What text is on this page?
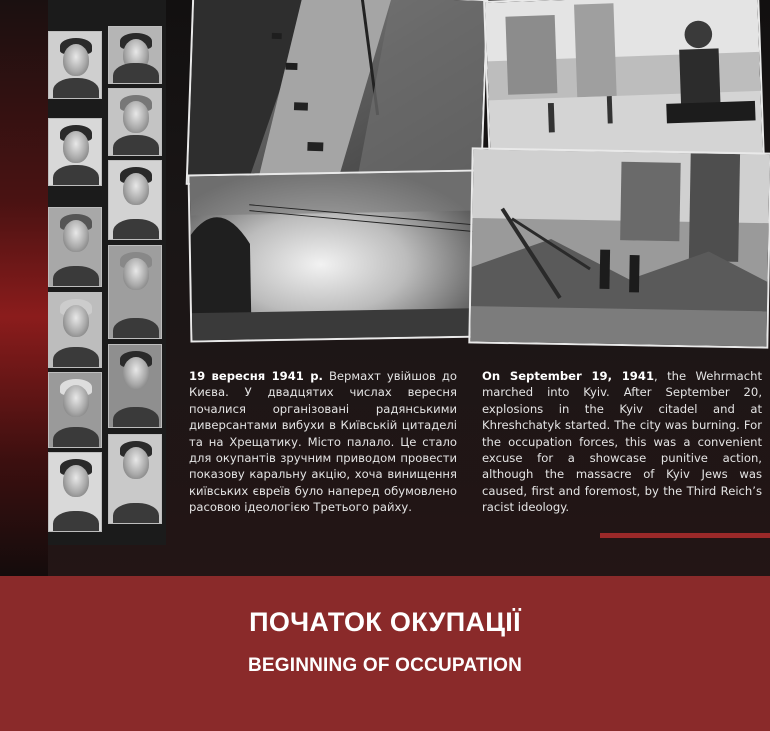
19 вересня 1941 р. Вермахт увійшов до Києва. У двадцятих числах вересня почалися організовані радянськими диверсантами вибухи в Київській цитаделі та на Хрещатику. Місто палало. Це стало для окупантів зручним приводом провести показову каральну акцію, хоча винищення київських євреїв було наперед обумовлено расовою ідеологією Третього райху.
On September 19, 1941, the Wehrmacht marched into Kyiv. After September 20, explosions in the Kyiv citadel and at Khreshchatyk started. The city was burning. For the occupation forces, this was a convenient excuse for a showcase punitive action, although the massacre of Kyiv Jews was caused, first and foremost, by the Third Reich’s racist ideology.
ПОЧАТОК ОКУПАЦІЇ
BEGINNING OF OCCUPATION
